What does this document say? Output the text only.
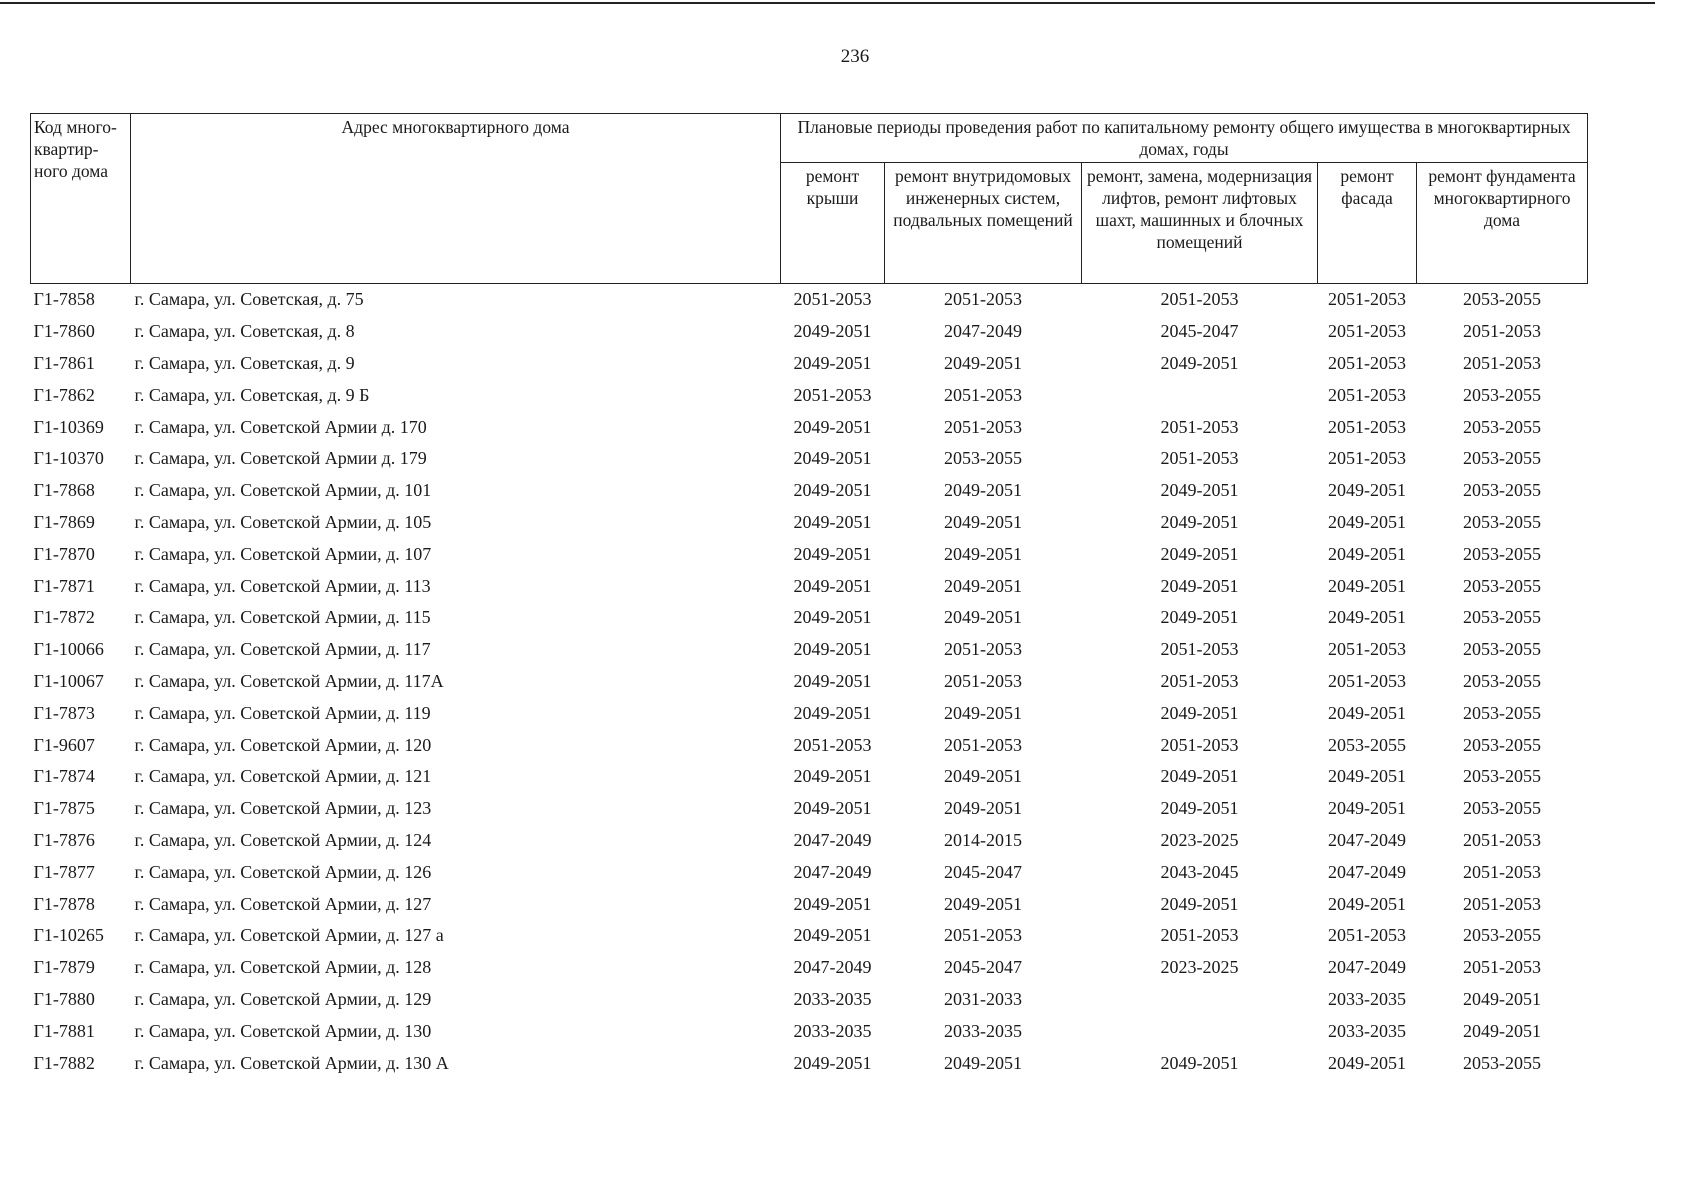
236
Код много-квартир-ного дома	Адрес многоквартирного дома	Плановые периоды проведения работ по капитальному ремонту общего имущества в многоквартирных домах, годы				
		ремонт крыши	ремонт внутридомовых инженерных систем, подвальных помещений	ремонт, замена, модернизация лифтов, ремонт лифтовых шахт, машинных и блочных помещений	ремонт фасада	ремонт фундамента многоквартирного дома
Г1-7858	г. Самара, ул. Советская, д. 75	2051-2053	2051-2053	2051-2053	2051-2053	2053-2055
Г1-7860	г. Самара, ул. Советская, д. 8	2049-2051	2047-2049	2045-2047	2051-2053	2051-2053
Г1-7861	г. Самара, ул. Советская, д. 9	2049-2051	2049-2051	2049-2051	2051-2053	2051-2053
Г1-7862	г. Самара, ул. Советская, д. 9 Б	2051-2053	2051-2053		2051-2053	2053-2055
Г1-10369	г. Самара, ул. Советской Армии д. 170	2049-2051	2051-2053	2051-2053	2051-2053	2053-2055
Г1-10370	г. Самара, ул. Советской Армии д. 179	2049-2051	2053-2055	2051-2053	2051-2053	2053-2055
Г1-7868	г. Самара, ул. Советской Армии, д. 101	2049-2051	2049-2051	2049-2051	2049-2051	2053-2055
Г1-7869	г. Самара, ул. Советской Армии, д. 105	2049-2051	2049-2051	2049-2051	2049-2051	2053-2055
Г1-7870	г. Самара, ул. Советской Армии, д. 107	2049-2051	2049-2051	2049-2051	2049-2051	2053-2055
Г1-7871	г. Самара, ул. Советской Армии, д. 113	2049-2051	2049-2051	2049-2051	2049-2051	2053-2055
Г1-7872	г. Самара, ул. Советской Армии, д. 115	2049-2051	2049-2051	2049-2051	2049-2051	2053-2055
Г1-10066	г. Самара, ул. Советской Армии, д. 117	2049-2051	2051-2053	2051-2053	2051-2053	2053-2055
Г1-10067	г. Самара, ул. Советской Армии, д. 117А	2049-2051	2051-2053	2051-2053	2051-2053	2053-2055
Г1-7873	г. Самара, ул. Советской Армии, д. 119	2049-2051	2049-2051	2049-2051	2049-2051	2053-2055
Г1-9607	г. Самара, ул. Советской Армии, д. 120	2051-2053	2051-2053	2051-2053	2053-2055	2053-2055
Г1-7874	г. Самара, ул. Советской Армии, д. 121	2049-2051	2049-2051	2049-2051	2049-2051	2053-2055
Г1-7875	г. Самара, ул. Советской Армии, д. 123	2049-2051	2049-2051	2049-2051	2049-2051	2053-2055
Г1-7876	г. Самара, ул. Советской Армии, д. 124	2047-2049	2014-2015	2023-2025	2047-2049	2051-2053
Г1-7877	г. Самара, ул. Советской Армии, д. 126	2047-2049	2045-2047	2043-2045	2047-2049	2051-2053
Г1-7878	г. Самара, ул. Советской Армии, д. 127	2049-2051	2049-2051	2049-2051	2049-2051	2051-2053
Г1-10265	г. Самара, ул. Советской Армии, д. 127 а	2049-2051	2051-2053	2051-2053	2051-2053	2053-2055
Г1-7879	г. Самара, ул. Советской Армии, д. 128	2047-2049	2045-2047	2023-2025	2047-2049	2051-2053
Г1-7880	г. Самара, ул. Советской Армии, д. 129	2033-2035	2031-2033		2033-2035	2049-2051
Г1-7881	г. Самара, ул. Советской Армии, д. 130	2033-2035	2033-2035		2033-2035	2049-2051
Г1-7882	г. Самара, ул. Советской Армии, д. 130 А	2049-2051	2049-2051	2049-2051	2049-2051	2053-2055
